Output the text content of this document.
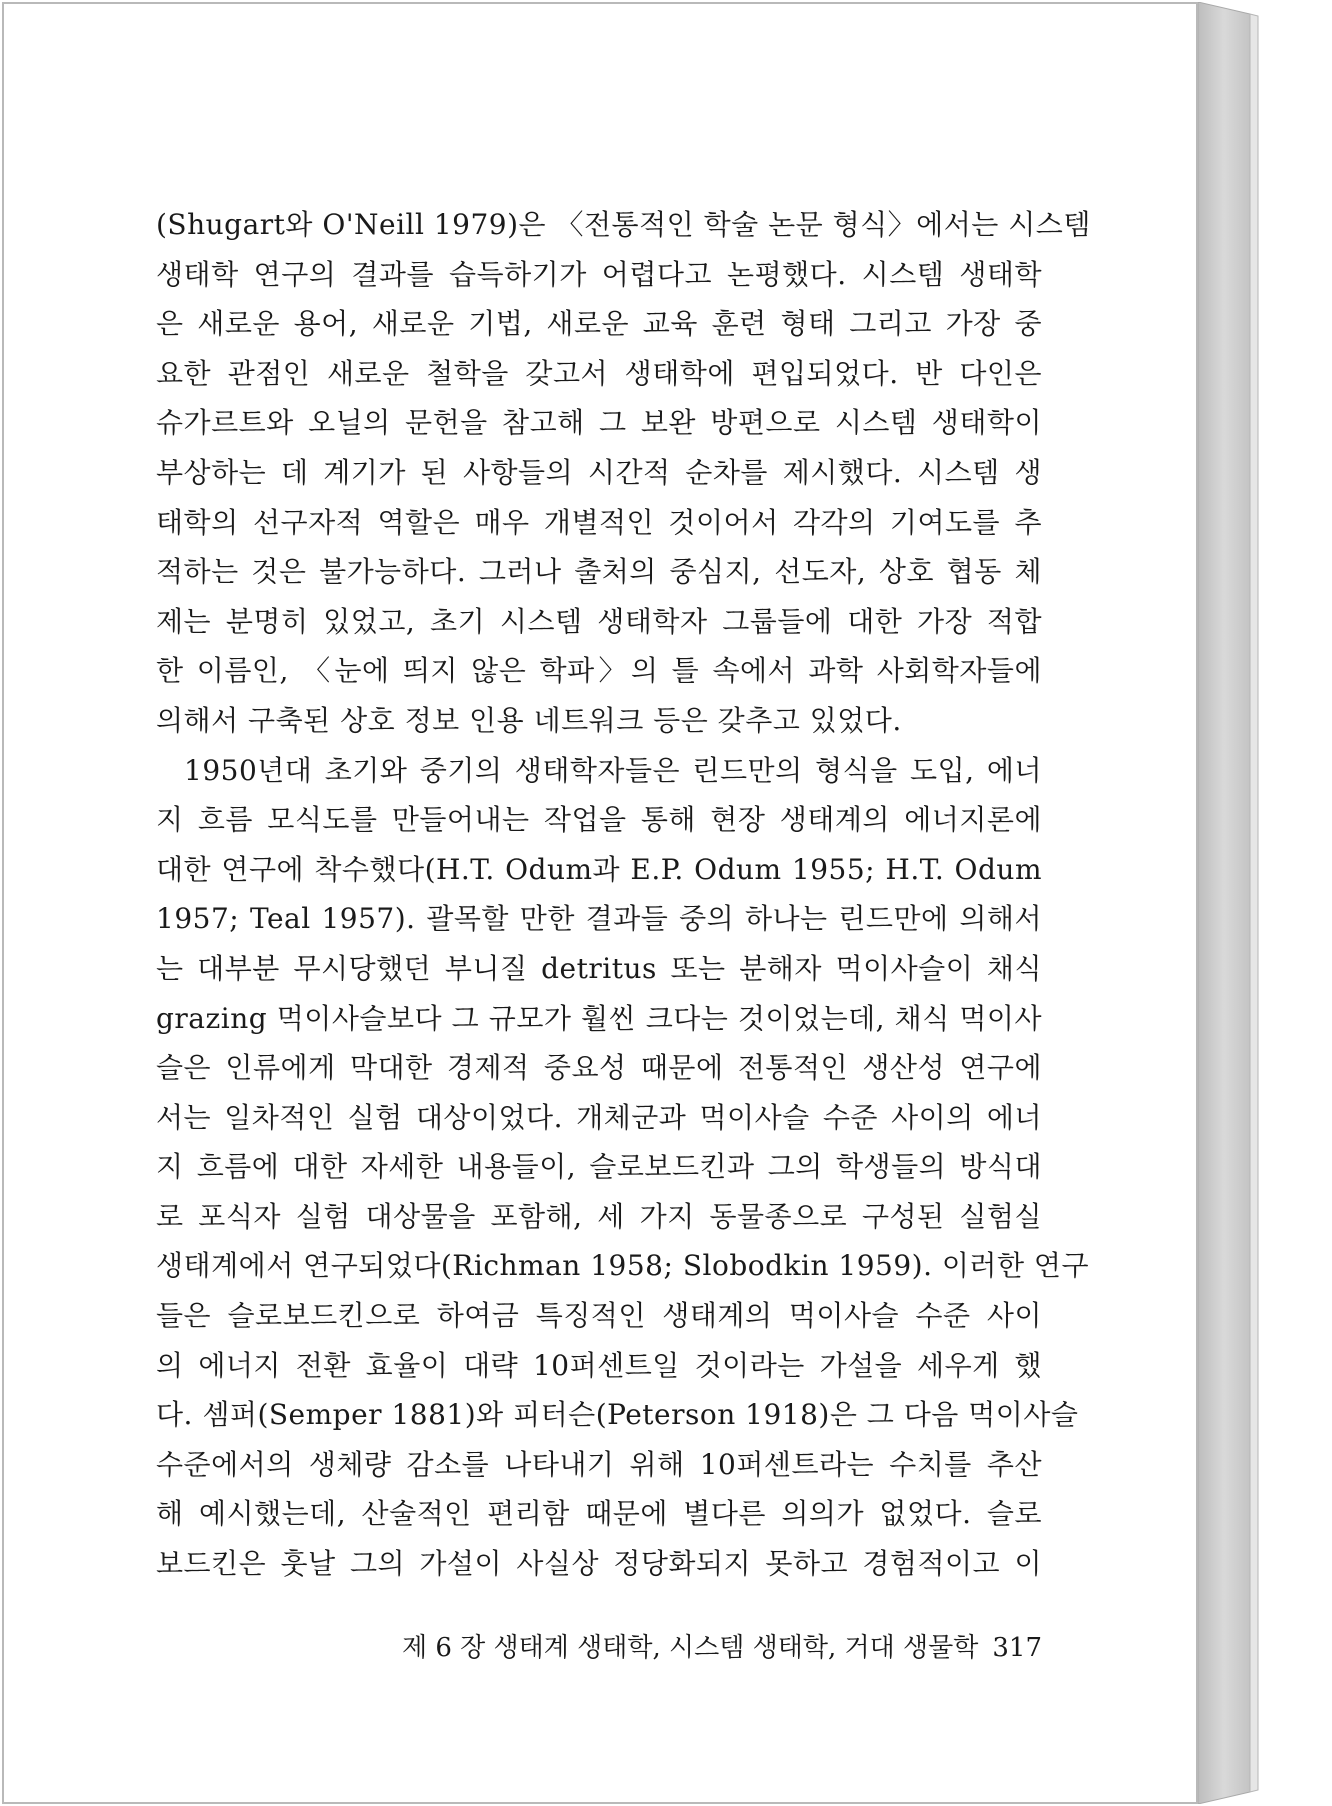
(Shugart와 O'Neill 1979)은 〈전통적인 학술 논문 형식〉에서는 시스템
생태학 연구의 결과를 습득하기가 어렵다고 논평했다. 시스템 생태학
은 새로운 용어, 새로운 기법, 새로운 교육 훈련 형태 그리고 가장 중
요한 관점인 새로운 철학을 갖고서 생태학에 편입되었다. 반 다인은
슈가르트와 오닐의 문헌을 참고해 그 보완 방편으로 시스템 생태학이
부상하는 데 계기가 된 사항들의 시간적 순차를 제시했다. 시스템 생
태학의 선구자적 역할은 매우 개별적인 것이어서 각각의 기여도를 추
적하는 것은 불가능하다. 그러나 출처의 중심지, 선도자, 상호 협동 체
제는 분명히 있었고, 초기 시스템 생태학자 그룹들에 대한 가장 적합
한 이름인, 〈눈에 띄지 않은 학파〉의 틀 속에서 과학 사회학자들에
의해서 구축된 상호 정보 인용 네트워크 등은 갖추고 있었다.
1950년대 초기와 중기의 생태학자들은 린드만의 형식을 도입, 에너
지 흐름 모식도를 만들어내는 작업을 통해 현장 생태계의 에너지론에
대한 연구에 착수했다(H.T. Odum과 E.P. Odum 1955; H.T. Odum
1957; Teal 1957). 괄목할 만한 결과들 중의 하나는 린드만에 의해서
는 대부분 무시당했던 부니질 detritus 또는 분해자 먹이사슬이 채식
grazing 먹이사슬보다 그 규모가 훨씬 크다는 것이었는데, 채식 먹이사
슬은 인류에게 막대한 경제적 중요성 때문에 전통적인 생산성 연구에
서는 일차적인 실험 대상이었다. 개체군과 먹이사슬 수준 사이의 에너
지 흐름에 대한 자세한 내용들이, 슬로보드킨과 그의 학생들의 방식대
로 포식자 실험 대상물을 포함해, 세 가지 동물종으로 구성된 실험실
생태계에서 연구되었다(Richman 1958; Slobodkin 1959). 이러한 연구
들은 슬로보드킨으로 하여금 특징적인 생태계의 먹이사슬 수준 사이
의 에너지 전환 효율이 대략 10퍼센트일 것이라는 가설을 세우게 했
다. 셈퍼(Semper 1881)와 피터슨(Peterson 1918)은 그 다음 먹이사슬
수준에서의 생체량 감소를 나타내기 위해 10퍼센트라는 수치를 추산
해 예시했는데, 산술적인 편리함 때문에 별다른 의의가 없었다. 슬로
보드킨은 훗날 그의 가설이 사실상 정당화되지 못하고 경험적이고 이
제 6 장 생태계 생태학, 시스템 생태학, 거대 생물학 317
